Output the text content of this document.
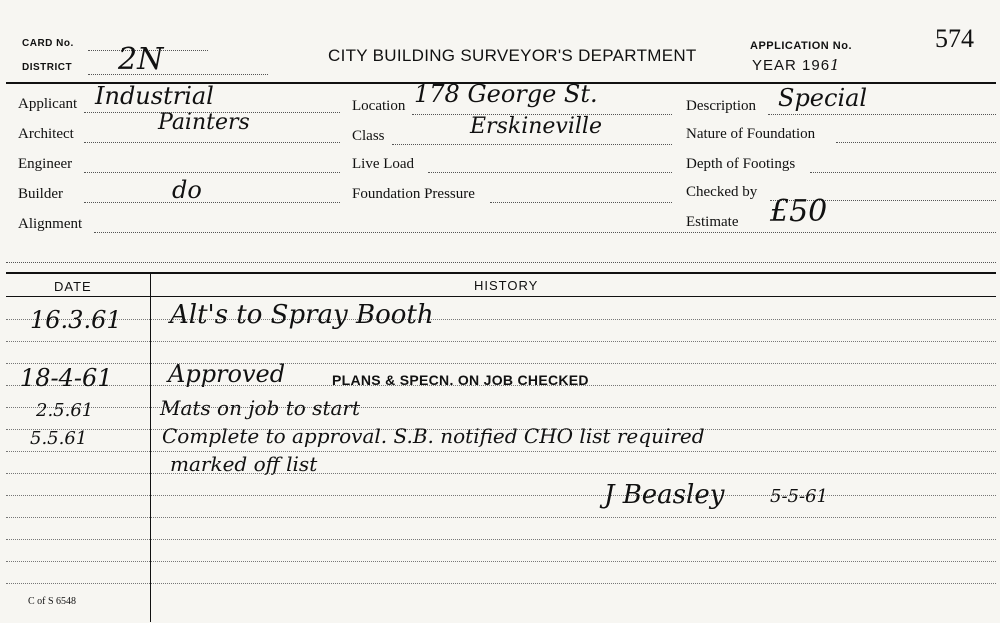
CARD No.
DISTRICT 2N	CITY BUILDING SURVEYOR'S DEPARTMENT	APPLICATION No.	574
YEAR 1961
Applicant Industrial
Architect	Painters
Engineer
Builder	do
Alignment
Location 178 George St.
Class	Erskineville
Live Load
Foundation Pressure
Description Special
Nature of Foundation
Depth of Footings
Checked by
Estimate £50
DATE	HISTORY
16.3.61 Alt's to Spray Booth
18-4-61 Approved	PLANS & SPECN. ON JOB CHECKED
2.5.61	Mats on job to start
5.5.61	Complete to approval. S.B. notified CHO list required
marked off list
J Beasley	5-5-61
C of S 6548
